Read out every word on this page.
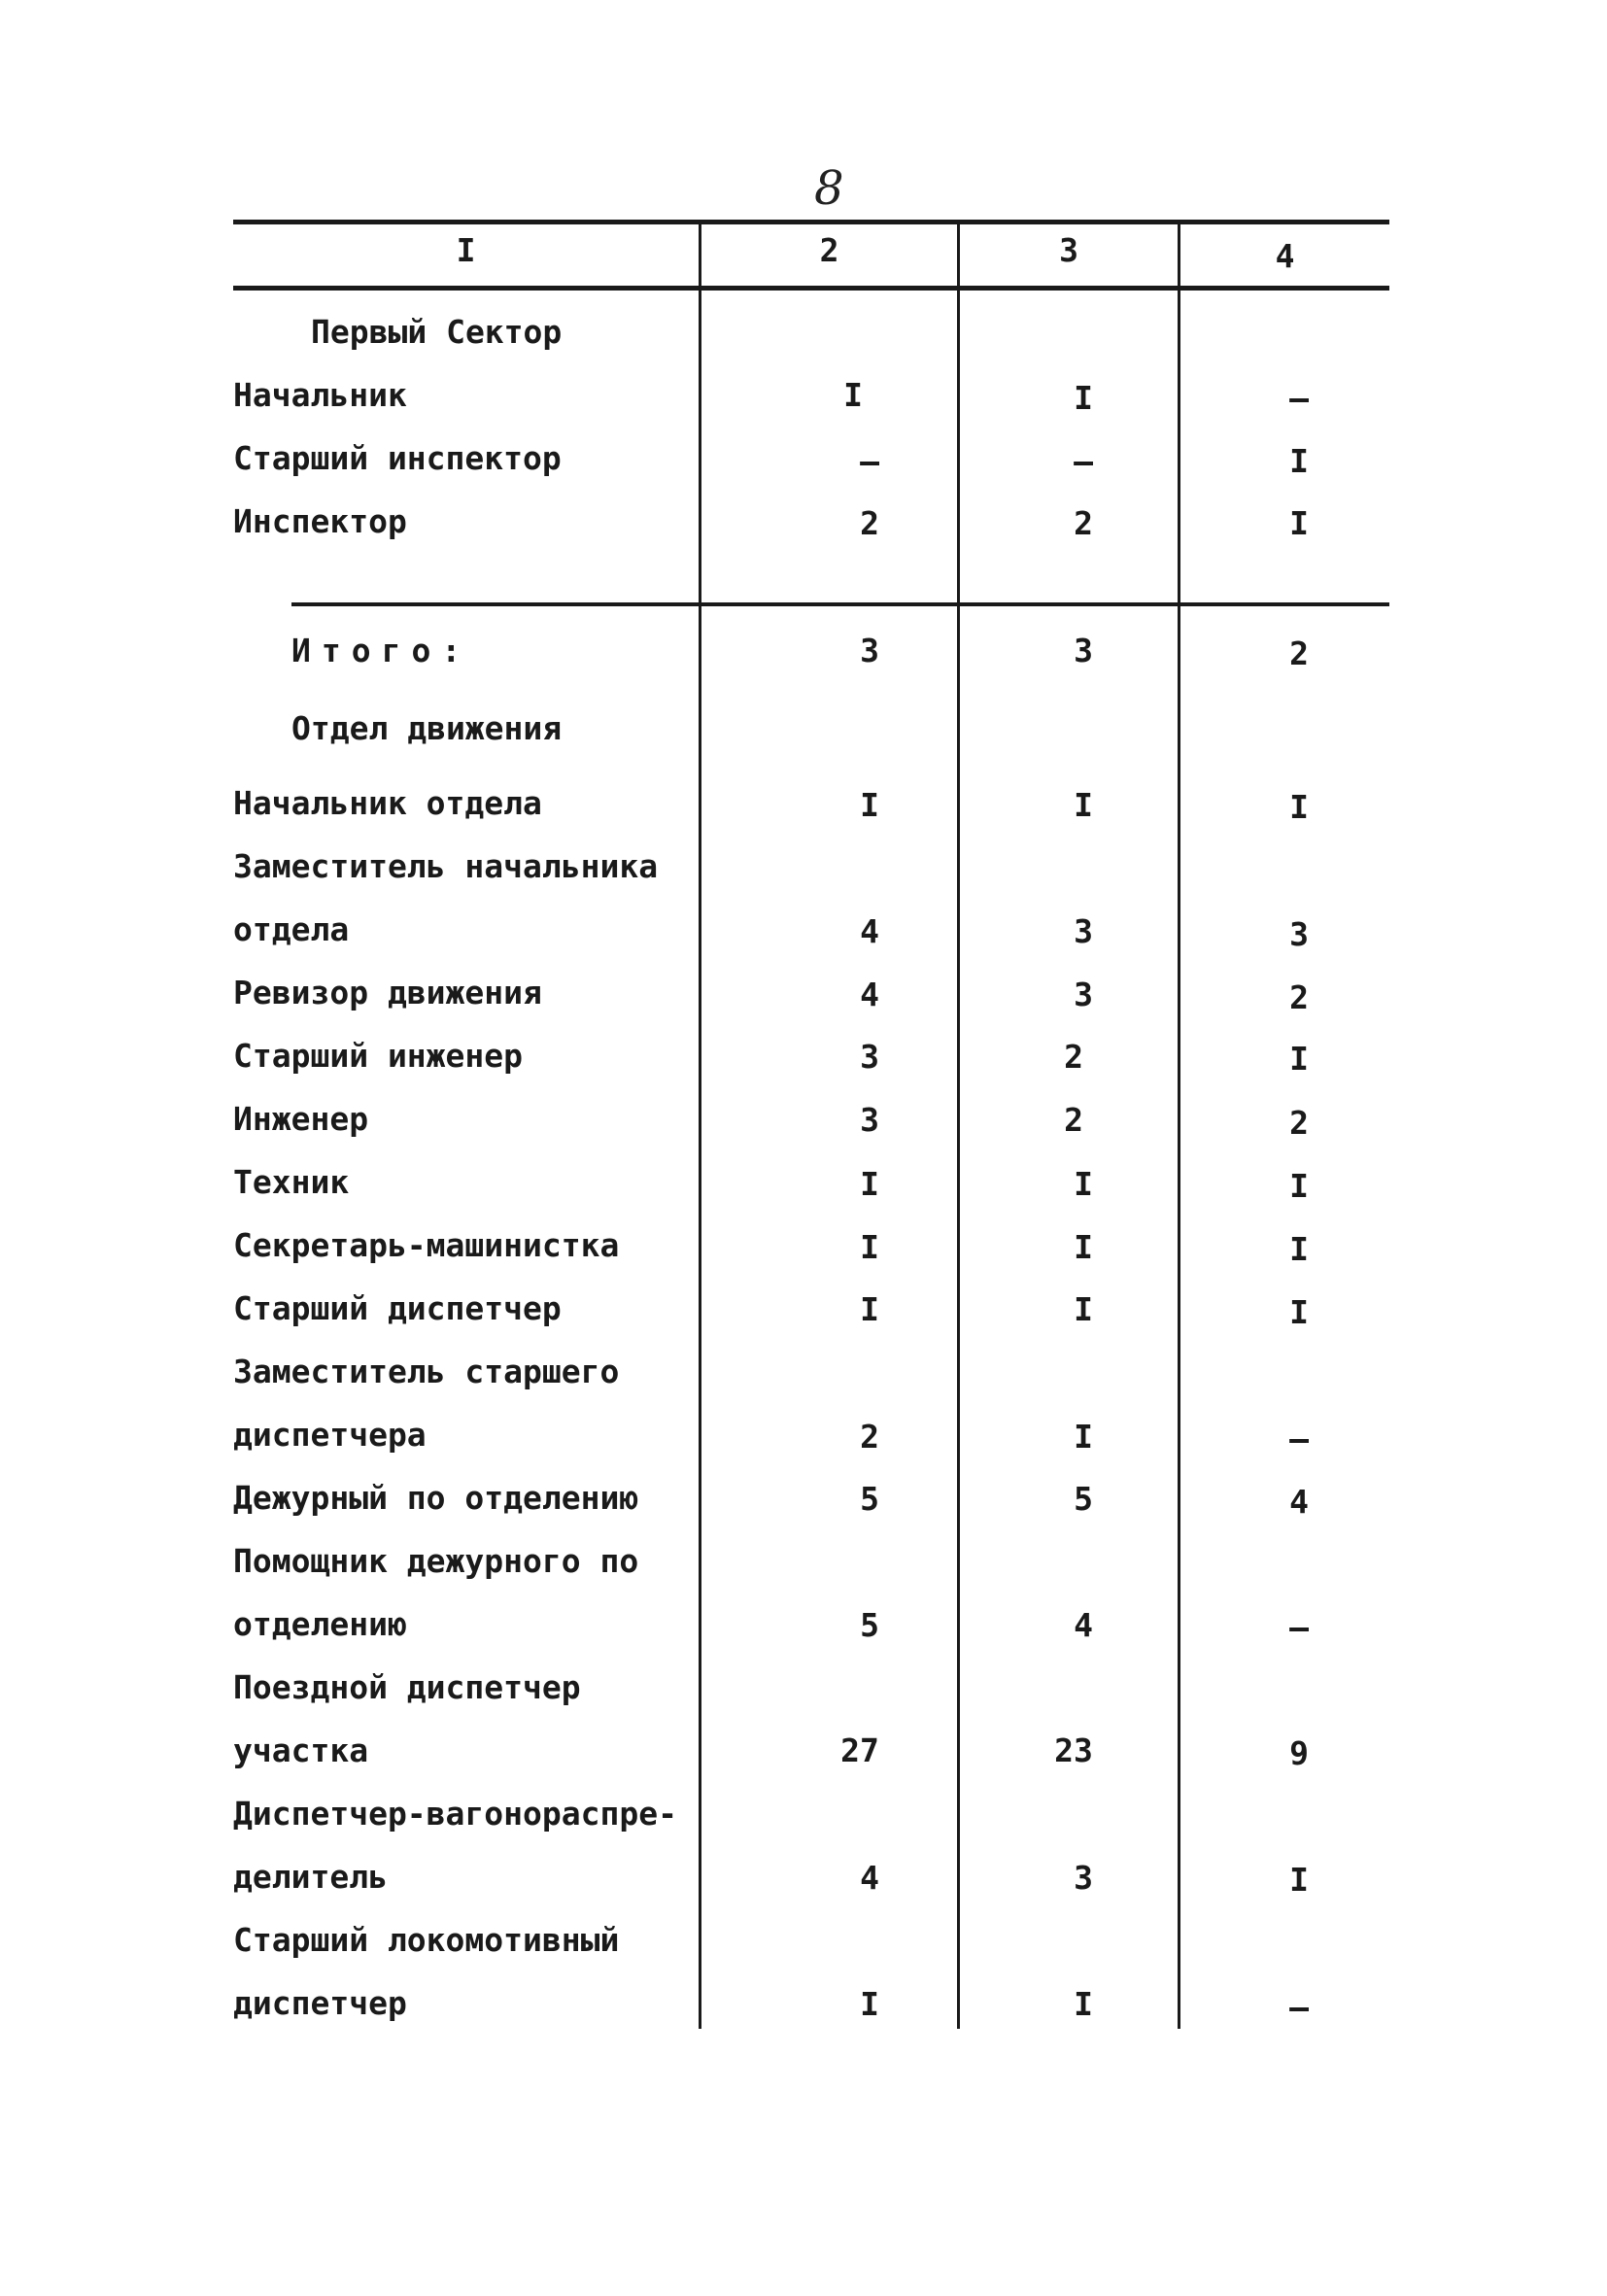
8
I	2	3	4
Первый Сектор
Начальник	I	I	–
Старший инспектор	–	–	I
Инспектор	2	2	I
Итого:	3	3	2
Отдел движения
Начальник отдела	I	I	I
Заместитель начальника
отдела	4	3	3
Ревизор движения	4	3	2
Старший инженер	3	2	I
Инженер	3	2	2
Техник	I	I	I
Секретарь-машинистка	I	I	I
Старший диспетчер	I	I	I
Заместитель старшего
диспетчера	2	I	–
Дежурный по отделению	5	5	4
Помощник дежурного по
отделению	5	4	–
Поездной диспетчер
участка	27	23	9
Диспетчер-вагонораспре-
делитель	4	3	I
Старший локомотивный
диспетчер	I	I	–
